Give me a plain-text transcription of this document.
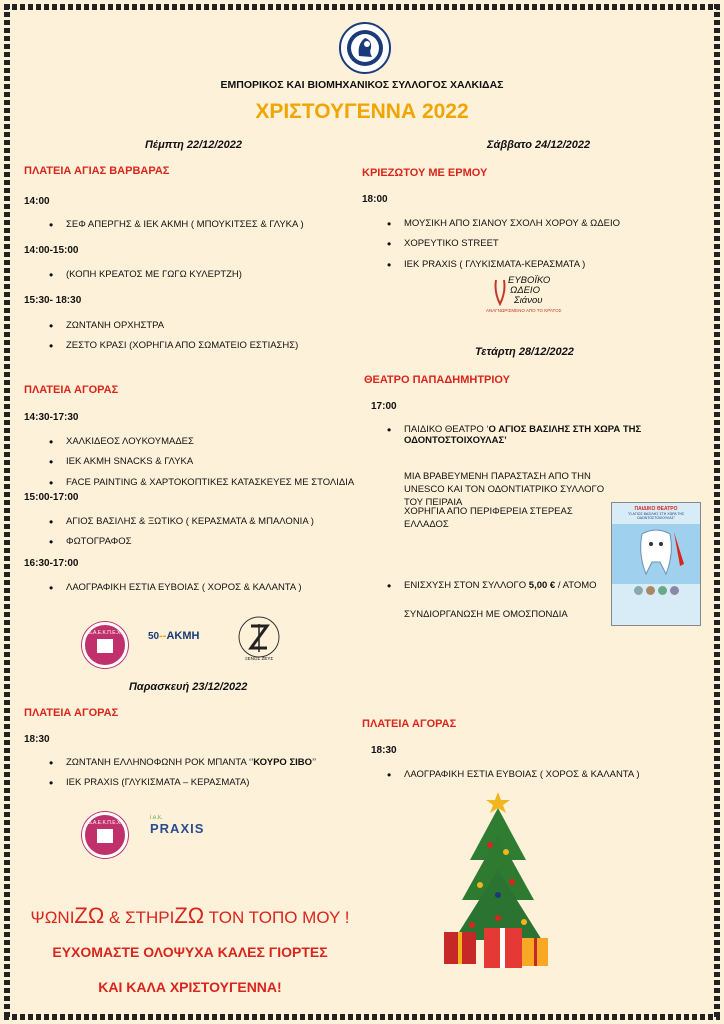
ΕΜΠΟΡΙΚΟΣ ΚΑΙ ΒΙΟΜΗΧΑΝΙΚΟΣ ΣΥΛΛΟΓΟΣ ΧΑΛΚΙΔΑΣ
ΧΡΙΣΤΟΥΓΕΝΝΑ 2022
Πέμπτη 22/12/2022
ΠΛΑΤΕΙΑ ΑΓΙΑΣ ΒΑΡΒΑΡΑΣ
14:00
• ΣΕΦ ΑΠΕΡΓΗΣ & ΙΕΚ ΑΚΜΗ ( ΜΠΟΥΚΙΤΣΕΣ & ΓΛΥΚΑ )
14:00-15:00
• (ΚΟΠΗ ΚΡΕΑΤΟΣ ΜΕ ΓΩΓΩ ΚΥΛΕΡΤΖΗ)
15:30- 18:30
• ΖΩΝΤΑΝΗ ΟΡΧΗΣΤΡΑ
• ΖΕΣΤΟ ΚΡΑΣΙ (ΧΟΡΗΓΙΑ ΑΠΟ ΣΩΜΑΤΕΙΟ ΕΣΤΙΑΣΗΣ)
ΠΛΑΤΕΙΑ ΑΓΟΡΑΣ
14:30-17:30
• ΧΑΛΚΙΔΕΟΣ ΛΟΥΚΟΥΜΑΔΕΣ
• ΙΕΚ ΑΚΜΗ SNACKS & ΓΛΥΚΑ
• FACE PAINTING & ΧΑΡΤΟΚΟΠΤΙΚΕΣ ΚΑΤΑΣΚΕΥΕΣ ΜΕ ΣΤΟΛΙΔΙΑ
15:00-17:00
• ΑΓΙΟΣ ΒΑΣΙΛΗΣ & ΞΩΤΙΚΟ ( ΚΕΡΑΣΜΑΤΑ & ΜΠΑΛΟΝΙΑ )
• ΦΩΤΟΓΡΑΦΟΣ
16:30-17:00
• ΛΑΟΓΡΑΦΙΚΗ ΕΣΤΙΑ ΕΥΒΟΙΑΣ ( ΧΟΡΟΣ & ΚΑΛΑΝΤΑ )
Δ.Α.Ε.Κ.Π.Ε.Χ.	50--ΑΚΜΗ
ΞΕΝΟΣ ΖΕΥΣ
Παρασκευή 23/12/2022
ΠΛΑΤΕΙΑ ΑΓΟΡΑΣ
18:30
• ΖΩΝΤΑΝΗ ΕΛΛΗΝΟΦΩΝΗ ΡΟΚ ΜΠΑΝΤΑ ‘’ΚΟΥΡΟ ΣΙΒΟ’’
• ΙΕΚ PRAXIS (ΓΛΥΚΙΣΜΑΤΑ – ΚΕΡΑΣΜΑΤΑ)
Δ.Α.Ε.Κ.Π.Ε.Χ.
i.e.k.
PRAXIS
ΨΩΝΙΖΩ & ΣΤΗΡΙΖΩ ΤΟΝ ΤΟΠΟ ΜΟΥ !
ΕΥΧΟΜΑΣΤΕ ΟΛΟΨΥΧΑ ΚΑΛΕΣ ΓΙΟΡΤΕΣ
ΚΑΙ ΚΑΛΑ ΧΡΙΣΤΟΥΓΕΝΝΑ!
Σάββατο 24/12/2022
ΚΡΙΕΖΩΤΟΥ ΜΕ ΕΡΜΟΥ
18:00
• ΜΟΥΣΙΚΗ ΑΠΟ ΣΙΑΝΟΥ ΣΧΟΛΗ ΧΟΡΟΥ & ΩΔΕΙΟ
• ΧΟΡΕΥΤΙΚΟ STREET
• ΙΕΚ PRAXIS ( ΓΛΥΚΙΣΜΑΤΑ-ΚΕΡΑΣΜΑΤΑ )
ΕΥΒΟΪΚΟ
ΩΔΕΙΟ
Σιάνου
ΑΝΑΓΝΩΡΙΣΜΕΝΟ ΑΠΟ ΤΟ ΚΡΑΤΟΣ
Τετάρτη 28/12/2022
ΘΕΑΤΡΟ ΠΑΠΑΔΗΜΗΤΡΙΟΥ
17:00
• ΠΑΙΔΙΚΟ ΘΕΑΤΡΟ ‘Ο ΑΓΙΟΣ ΒΑΣΙΛΗΣ ΣΤΗ ΧΩΡΑ ΤΗΣ ΟΔΟΝΤΟΣΤΟΙΧΟΥΛΑΣ’
ΜΙΑ ΒΡΑΒΕΥΜΕΝΗ ΠΑΡΑΣΤΑΣΗ ΑΠΟ ΤΗΝ UNESCO ΚΑΙ ΤΟΝ ΟΔΟΝΤΙΑΤΡΙΚΟ ΣΥΛΛΟΓΟ ΤΟΥ ΠΕΙΡΑΙΑ
ΧΟΡΗΓΙΑ ΑΠΟ ΠΕΡΙΦΕΡΕΙΑ ΣΤΕΡΕΑΣ ΕΛΛΑΔΟΣ
• ΕΝΙΣΧΥΣΗ ΣΤΟΝ ΣΥΛΛΟΓΟ 5,00 € / ΑΤΟΜΟ
ΣΥΝΔΙΟΡΓΑΝΩΣΗ ΜΕ ΟΜΟΣΠΟΝΔΙΑ
ΠΑΙΔΙΚΟ ΘΕΑΤΡΟ
"Ο ΑΓΙΟΣ ΒΑΣΙΛΗΣ ΣΤΗ ΧΩΡΑ ΤΗΣ ΟΔΟΝΤΟΣΤΟΙΧΟΥΛΑΣ"
ΠΛΑΤΕΙΑ ΑΓΟΡΑΣ
18:30
• ΛΑΟΓΡΑΦΙΚΗ ΕΣΤΙΑ ΕΥΒΟΙΑΣ ( ΧΟΡΟΣ & ΚΑΛΑΝΤΑ )
